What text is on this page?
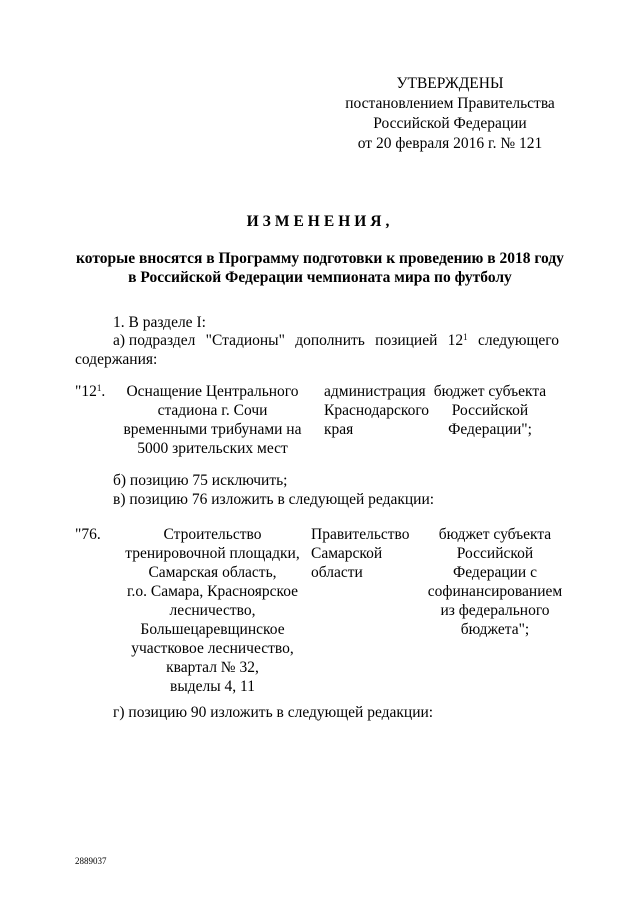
УТВЕРЖДЕНЫ
постановлением Правительства
Российской Федерации
от 20 февраля 2016 г. № 121
ИЗМЕНЕНИЯ,
которые вносятся в Программу подготовки к проведению в 2018 году
в Российской Федерации чемпионата мира по футболу
1. В разделе I:
а) подраздел "Стадионы" дополнить позицией $12^1$ следующего
содержания:
"$12^1$.	Оснащение Центрального
стадиона г. Сочи
временными трибунами на
5000 зрительских мест
администрация
Краснодарского
края
бюджет субъекта
Российской
Федерации";
б) позицию 75 исключить;
в) позицию 76 изложить в следующей редакции:
"76.	Строительство
тренировочной площадки,
Самарская область,
г.о. Самара, Красноярское
лесничество,
Большецаревщинское
участковое лесничество,
квартал № 32,
выделы 4, 11
Правительство
Самарской
области
бюджет субъекта
Российской
Федерации с
софинансированием
из федерального
бюджета";
г) позицию 90 изложить в следующей редакции:
2889037
